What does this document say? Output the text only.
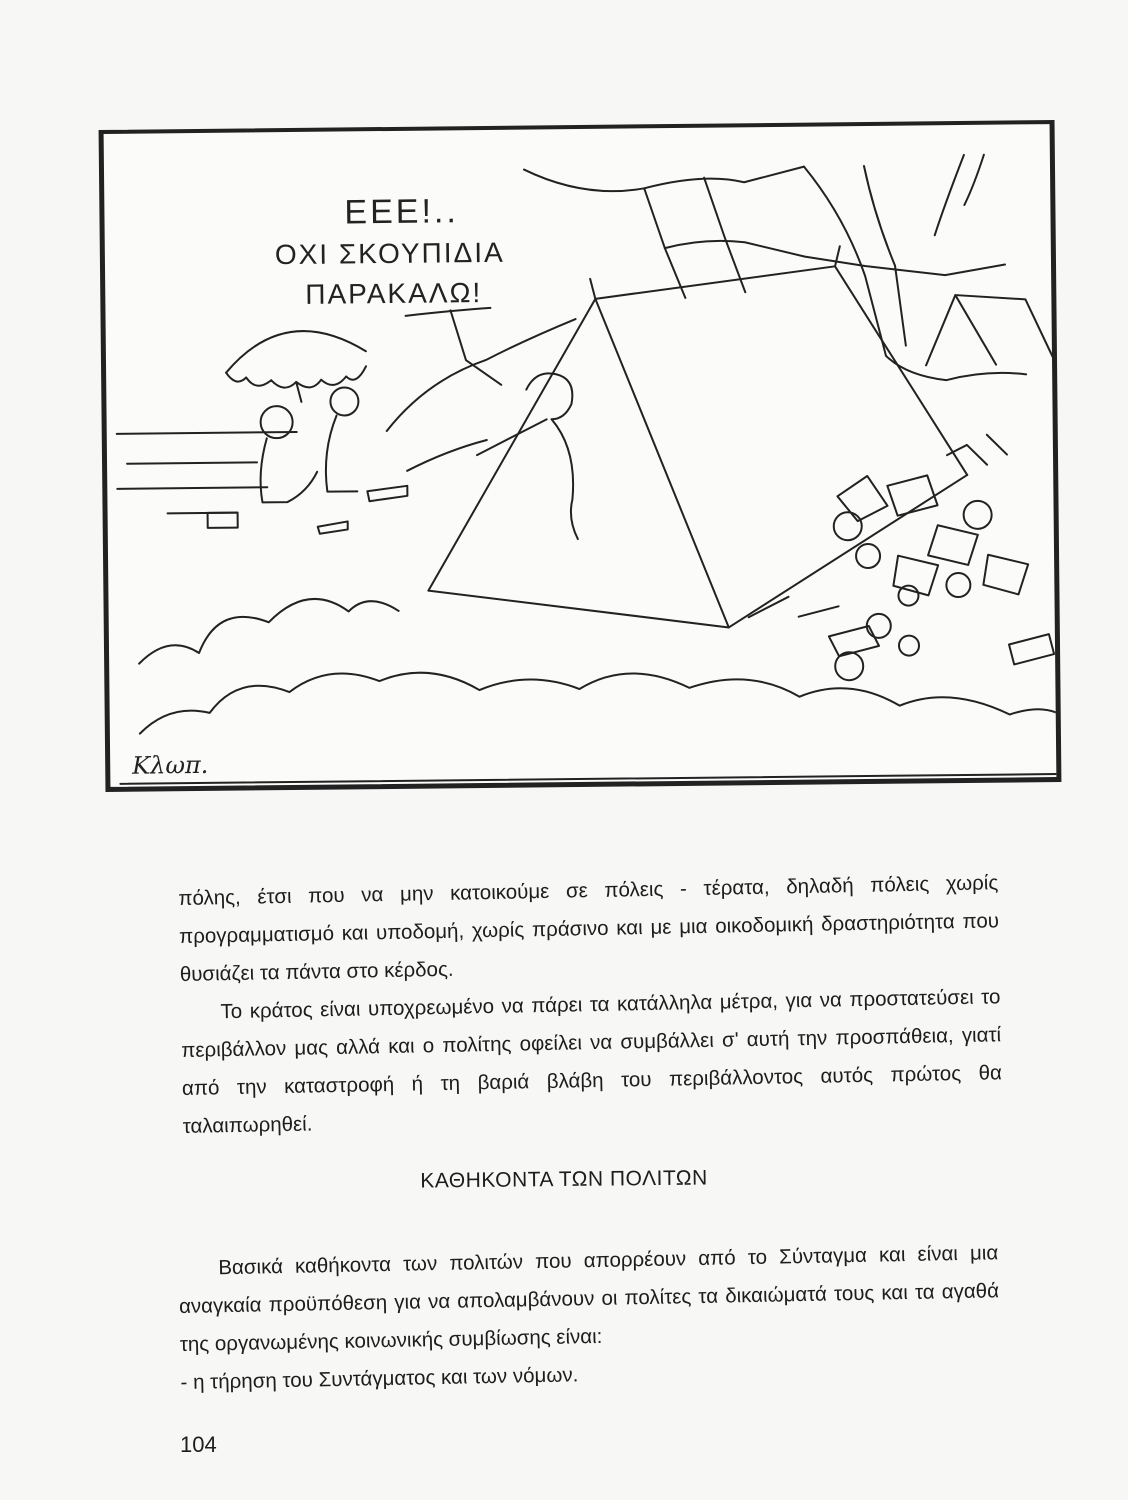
ΕΕΕ!..
ΟΧΙ ΣΚΟΥΠΙΔΙΑ
ΠΑΡΑΚΑΛΩ!
Κλωπ.

πόλης, έτσι που να μην κατοικούμε σε πόλεις - τέρατα, δηλαδή πόλεις χωρίς προγραμματισμό και υποδομή, χωρίς πράσινο και με μια οικοδομική δραστηριότητα που θυσιάζει τα πάντα στο κέρδος.

Το κράτος είναι υποχρεωμένο να πάρει τα κατάλληλα μέτρα, για να προστατεύσει το περιβάλλον μας αλλά και ο πολίτης οφείλει να συμβάλλει σ' αυτή την προσπάθεια, γιατί από την καταστροφή ή τη βαριά βλάβη του περιβάλλοντος αυτός πρώτος θα ταλαιπωρηθεί.

ΚΑΘΗΚΟΝΤΑ ΤΩΝ ΠΟΛΙΤΩΝ

Βασικά καθήκοντα των πολιτών που απορρέουν από το Σύνταγμα και είναι μια αναγκαία προϋπόθεση για να απολαμβάνουν οι πολίτες τα δικαιώματά τους και τα αγαθά της οργανωμένης κοινωνικής συμβίωσης είναι:

- η τήρηση του Συντάγματος και των νόμων.

104
